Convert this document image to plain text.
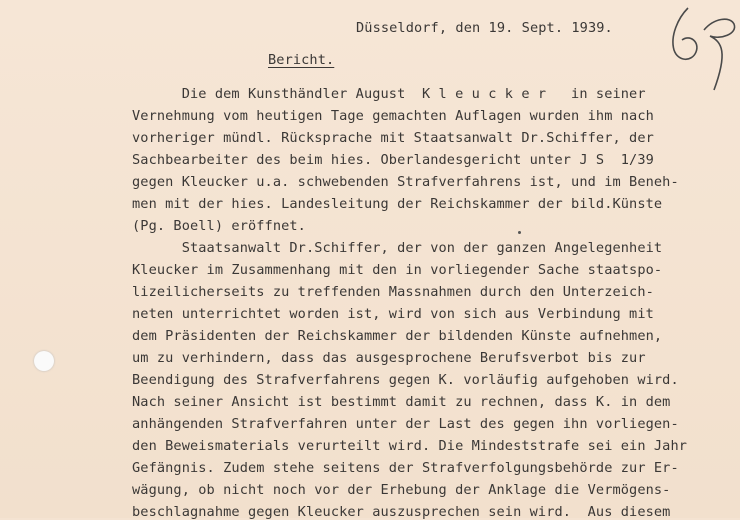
Düsseldorf, den 19. Sept. 1939.
Bericht.
Die dem Kunsthändler August  K l e u c k e r   in seiner
Vernehmung vom heutigen Tage gemachten Auflagen wurden ihm nach
vorheriger mündl. Rücksprache mit Staatsanwalt Dr.Schiffer, der
Sachbearbeiter des beim hies. Oberlandesgericht unter J S  1/39
gegen Kleucker u.a. schwebenden Strafverfahrens ist, und im Beneh-
men mit der hies. Landesleitung der Reichskammer der bild.Künste
(Pg. Boell) eröffnet.
Staatsanwalt Dr.Schiffer, der von der ganzen Angelegenheit
Kleucker im Zusammenhang mit den in vorliegender Sache staatspo-
lizeilicherseits zu treffenden Massnahmen durch den Unterzeich-
neten unterrichtet worden ist, wird von sich aus Verbindung mit
dem Präsidenten der Reichskammer der bildenden Künste aufnehmen,
um zu verhindern, dass das ausgesprochene Berufsverbot bis zur
Beendigung des Strafverfahrens gegen K. vorläufig aufgehoben wird.
Nach seiner Ansicht ist bestimmt damit zu rechnen, dass K. in dem
anhängenden Strafverfahren unter der Last des gegen ihn vorliegen-
den Beweismaterials verurteilt wird. Die Mindeststrafe sei ein Jahr
Gefängnis. Zudem stehe seitens der Strafverfolgungsbehörde zur Er-
wägung, ob nicht noch vor der Erhebung der Anklage die Vermögens-
beschlagnahme gegen Kleucker auszusprechen sein wird.  Aus diesem
